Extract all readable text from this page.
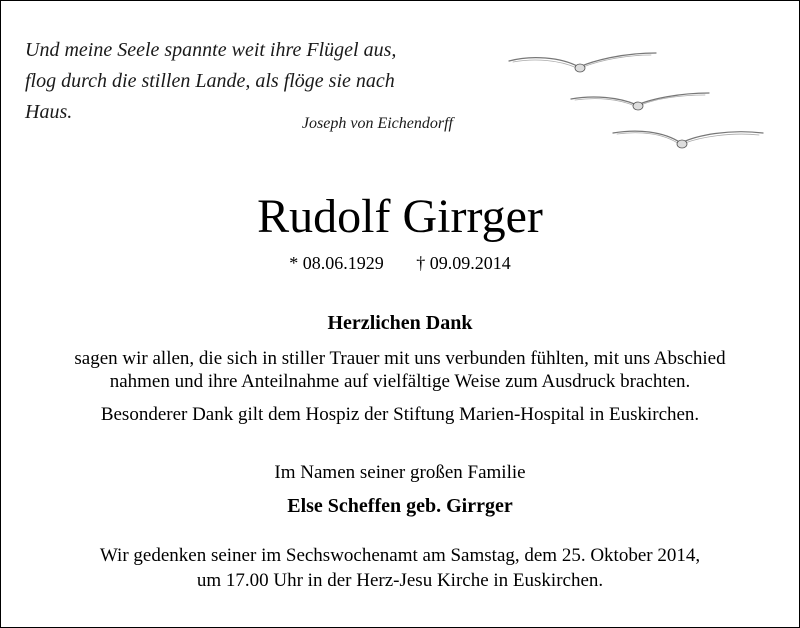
Und meine Seele spannte weit ihre Flügel aus,
flog durch die stillen Lande, als flöge sie nach
Haus.
Joseph von Eichendorff
Rudolf Girrger
* 08.06.1929 † 09.09.2014
Herzlichen Dank
sagen wir allen, die sich in stiller Trauer mit uns verbunden fühlten, mit uns Abschied
nahmen und ihre Anteilnahme auf vielfältige Weise zum Ausdruck brachten.
Besonderer Dank gilt dem Hospiz der Stiftung Marien-Hospital in Euskirchen.
Im Namen seiner großen Familie
Else Scheffen geb. Girrger
Wir gedenken seiner im Sechswochenamt am Samstag, dem 25. Oktober 2014,
um 17.00 Uhr in der Herz-Jesu Kirche in Euskirchen.
